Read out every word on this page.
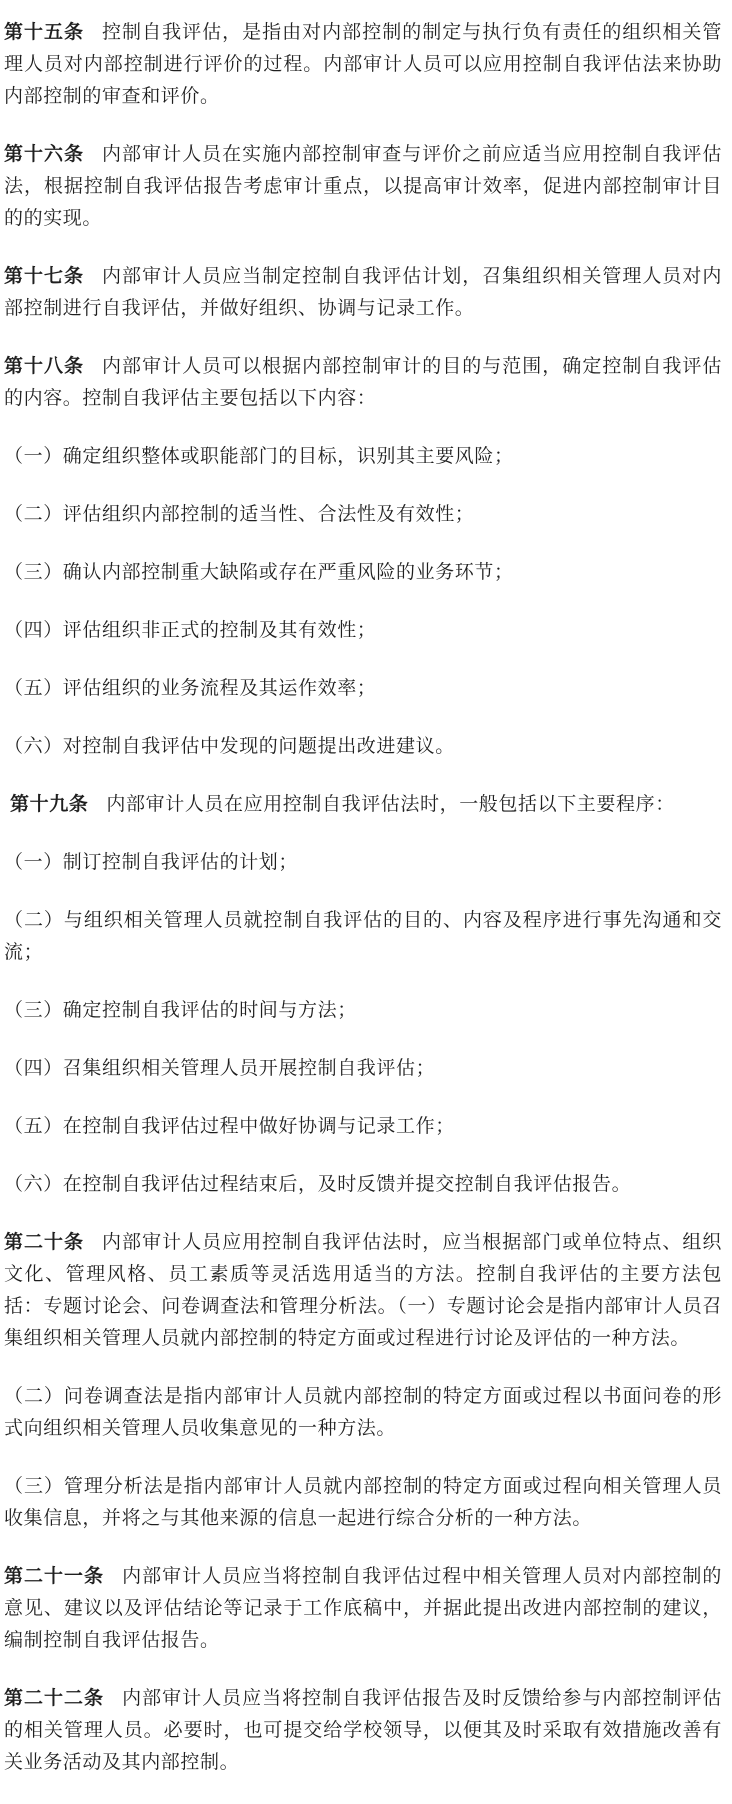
第十五条 控制自我评估，是指由对内部控制的制定与执行负有责任的组织相关管理人员对内部控制进行评价的过程。内部审计人员可以应用控制自我评估法来协助内部控制的审查和评价。

第十六条 内部审计人员在实施内部控制审查与评价之前应适当应用控制自我评估法，根据控制自我评估报告考虑审计重点，以提高审计效率，促进内部控制审计目的的实现。

第十七条 内部审计人员应当制定控制自我评估计划，召集组织相关管理人员对内部控制进行自我评估，并做好组织、协调与记录工作。

第十八条 内部审计人员可以根据内部控制审计的目的与范围，确定控制自我评估的内容。控制自我评估主要包括以下内容：

（一）确定组织整体或职能部门的目标，识别其主要风险；

（二）评估组织内部控制的适当性、合法性及有效性；

（三）确认内部控制重大缺陷或存在严重风险的业务环节；

（四）评估组织非正式的控制及其有效性；

（五）评估组织的业务流程及其运作效率；

（六）对控制自我评估中发现的问题提出改进建议。

第十九条 内部审计人员在应用控制自我评估法时，一般包括以下主要程序：

（一）制订控制自我评估的计划；

（二）与组织相关管理人员就控制自我评估的目的、内容及程序进行事先沟通和交流；

（三）确定控制自我评估的时间与方法；

（四）召集组织相关管理人员开展控制自我评估；

（五）在控制自我评估过程中做好协调与记录工作；

（六）在控制自我评估过程结束后，及时反馈并提交控制自我评估报告。

第二十条 内部审计人员应用控制自我评估法时，应当根据部门或单位特点、组织文化、管理风格、员工素质等灵活选用适当的方法。控制自我评估的主要方法包括：专题讨论会、问卷调查法和管理分析法。（一）专题讨论会是指内部审计人员召集组织相关管理人员就内部控制的特定方面或过程进行讨论及评估的一种方法。

（二）问卷调查法是指内部审计人员就内部控制的特定方面或过程以书面问卷的形式向组织相关管理人员收集意见的一种方法。

（三）管理分析法是指内部审计人员就内部控制的特定方面或过程向相关管理人员收集信息，并将之与其他来源的信息一起进行综合分析的一种方法。

第二十一条 内部审计人员应当将控制自我评估过程中相关管理人员对内部控制的意见、建议以及评估结论等记录于工作底稿中，并据此提出改进内部控制的建议，编制控制自我评估报告。

第二十二条 内部审计人员应当将控制自我评估报告及时反馈给参与内部控制评估的相关管理人员。必要时，也可提交给学校领导，以便其及时采取有效措施改善有关业务活动及其内部控制。
